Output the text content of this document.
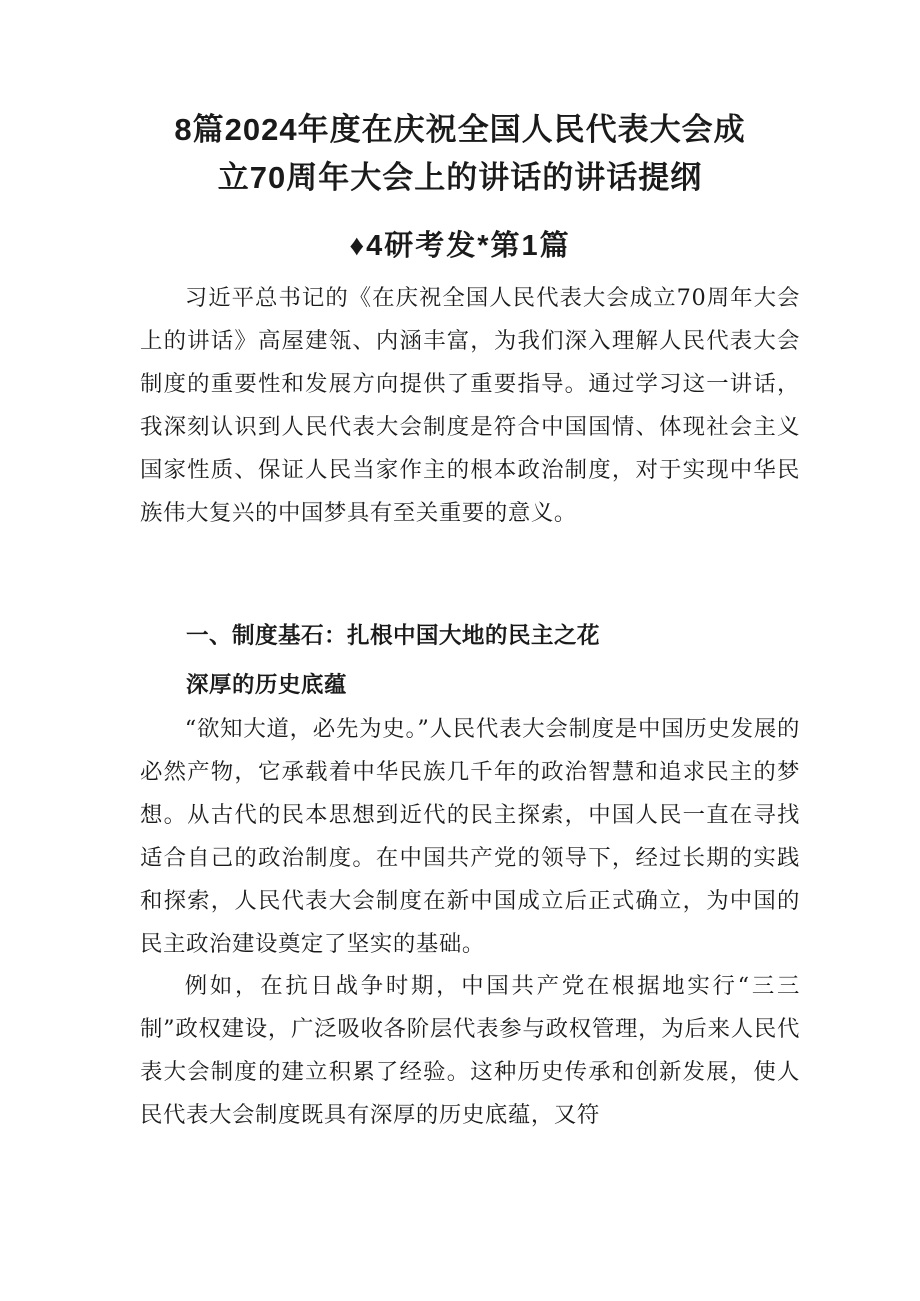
8篇2024年度在庆祝全国人民代表大会成
立70周年大会上的讲话的讲话提纲
♦4研考发*第1篇

习近平总书记的《在庆祝全国人民代表大会成立70周年大会上的讲话》高屋建瓴、内涵丰富，为我们深入理解人民代表大会制度的重要性和发展方向提供了重要指导。通过学习这一讲话，我深刻认识到人民代表大会制度是符合中国国情、体现社会主义国家性质、保证人民当家作主的根本政治制度，对于实现中华民族伟大复兴的中国梦具有至关重要的意义。

一、制度基石：扎根中国大地的民主之花
深厚的历史底蕴

“欲知大道，必先为史。”人民代表大会制度是中国历史发展的必然产物，它承载着中华民族几千年的政治智慧和追求民主的梦想。从古代的民本思想到近代的民主探索，中国人民一直在寻找适合自己的政治制度。在中国共产党的领导下，经过长期的实践和探索，人民代表大会制度在新中国成立后正式确立，为中国的民主政治建设奠定了坚实的基础。

例如，在抗日战争时期，中国共产党在根据地实行“三三制”政权建设，广泛吸收各阶层代表参与政权管理，为后来人民代表大会制度的建立积累了经验。这种历史传承和创新发展，使人民代表大会制度既具有深厚的历史底蕴，又符
